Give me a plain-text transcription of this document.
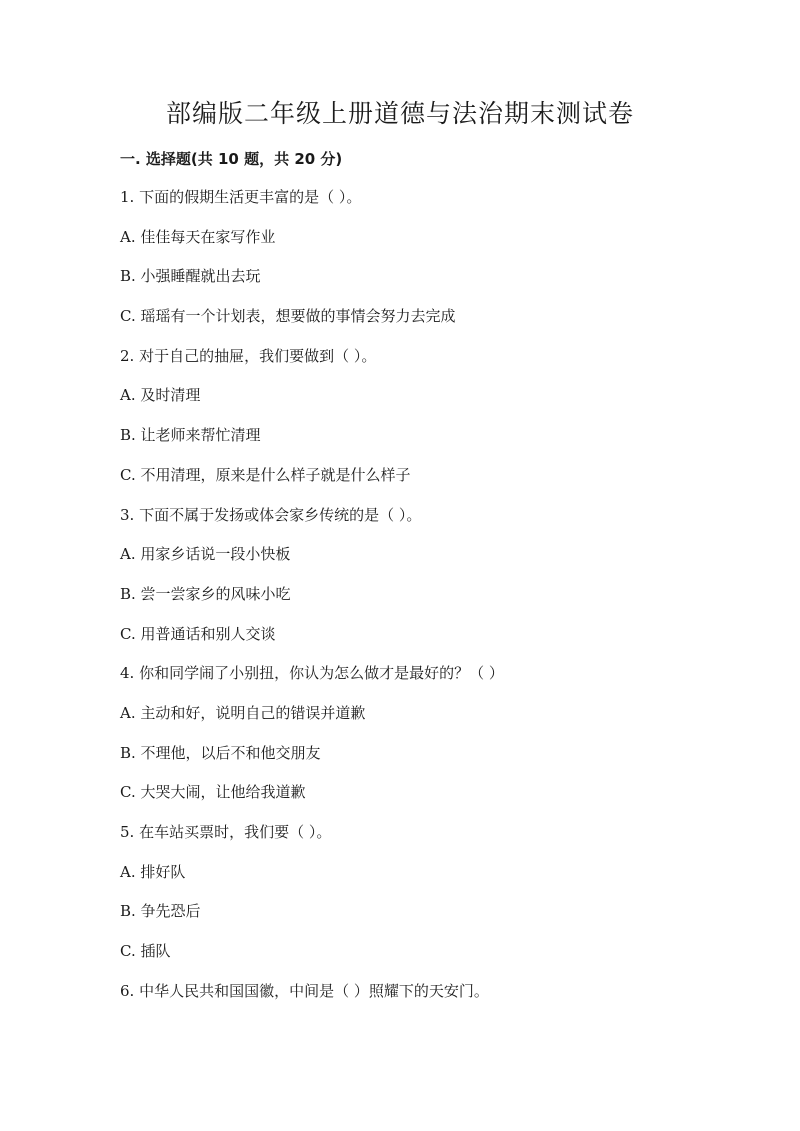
部编版二年级上册道德与法治期末测试卷
一. 选择题(共 10 题，共 20 分)
1. 下面的假期生活更丰富的是（ ）。
A. 佳佳每天在家写作业
B. 小强睡醒就出去玩
C. 瑶瑶有一个计划表，想要做的事情会努力去完成
2. 对于自己的抽屉，我们要做到（ ）。
A. 及时清理
B. 让老师来帮忙清理
C. 不用清理，原来是什么样子就是什么样子
3. 下面不属于发扬或体会家乡传统的是（ ）。
A. 用家乡话说一段小快板
B. 尝一尝家乡的风味小吃
C. 用普通话和别人交谈
4. 你和同学闹了小别扭，你认为怎么做才是最好的？（ ）
A. 主动和好，说明自己的错误并道歉
B. 不理他，以后不和他交朋友
C. 大哭大闹，让他给我道歉
5. 在车站买票时，我们要（ ）。
A. 排好队
B. 争先恐后
C. 插队
6. 中华人民共和国国徽，中间是（ ）照耀下的天安门。
